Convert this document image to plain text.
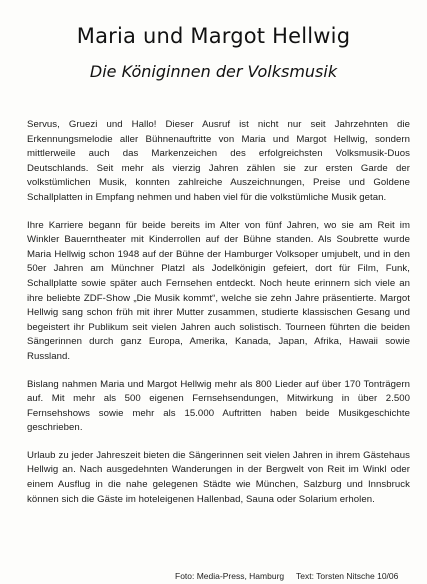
Maria und Margot Hellwig
Die Königinnen der Volksmusik

Servus, Gruezi und Hallo! Dieser Ausruf ist nicht nur seit Jahrzehnten die Erkennungsmelodie aller Bühnenauftritte von Maria und Margot Hellwig, sondern mittlerweile auch das Markenzeichen des erfolgreichsten Volksmusik-Duos Deutschlands. Seit mehr als vierzig Jahren zählen sie zur ersten Garde der volkstümlichen Musik, konnten zahlreiche Auszeichnungen, Preise und Goldene Schallplatten in Empfang nehmen und haben viel für die volkstümliche Musik getan.

Ihre Karriere begann für beide bereits im Alter von fünf Jahren, wo sie am Reit im Winkler Bauerntheater mit Kinderrollen auf der Bühne standen. Als Soubrette wurde Maria Hellwig schon 1948 auf der Bühne der Hamburger Volksoper umjubelt, und in den 50er Jahren am Münchner Platzl als Jodelkönigin gefeiert, dort für Film, Funk, Schallplatte sowie später auch Fernsehen entdeckt. Noch heute erinnern sich viele an ihre beliebte ZDF-Show „Die Musik kommt“, welche sie zehn Jahre präsentierte. Margot Hellwig sang schon früh mit ihrer Mutter zusammen, studierte klassischen Gesang und begeistert ihr Publikum seit vielen Jahren auch solistisch. Tourneen führten die beiden Sängerinnen durch ganz Europa, Amerika, Kanada, Japan, Afrika, Hawaii sowie Russland.

Bislang nahmen Maria und Margot Hellwig mehr als 800 Lieder auf über 170 Tonträgern auf. Mit mehr als 500 eigenen Fernsehsendungen, Mitwirkung in über 2.500 Fernsehshows sowie mehr als 15.000 Auftritten haben beide Musikgeschichte geschrieben.

Urlaub zu jeder Jahreszeit bieten die Sängerinnen seit vielen Jahren in ihrem Gästehaus Hellwig an. Nach ausgedehnten Wanderungen in der Bergwelt von Reit im Winkl oder einem Ausflug in die nahe gelegenen Städte wie München, Salzburg und Innsbruck können sich die Gäste im hoteleigenen Hallenbad, Sauna oder Solarium erholen.

Foto: Media-Press, Hamburg Text: Torsten Nitsche 10/06
